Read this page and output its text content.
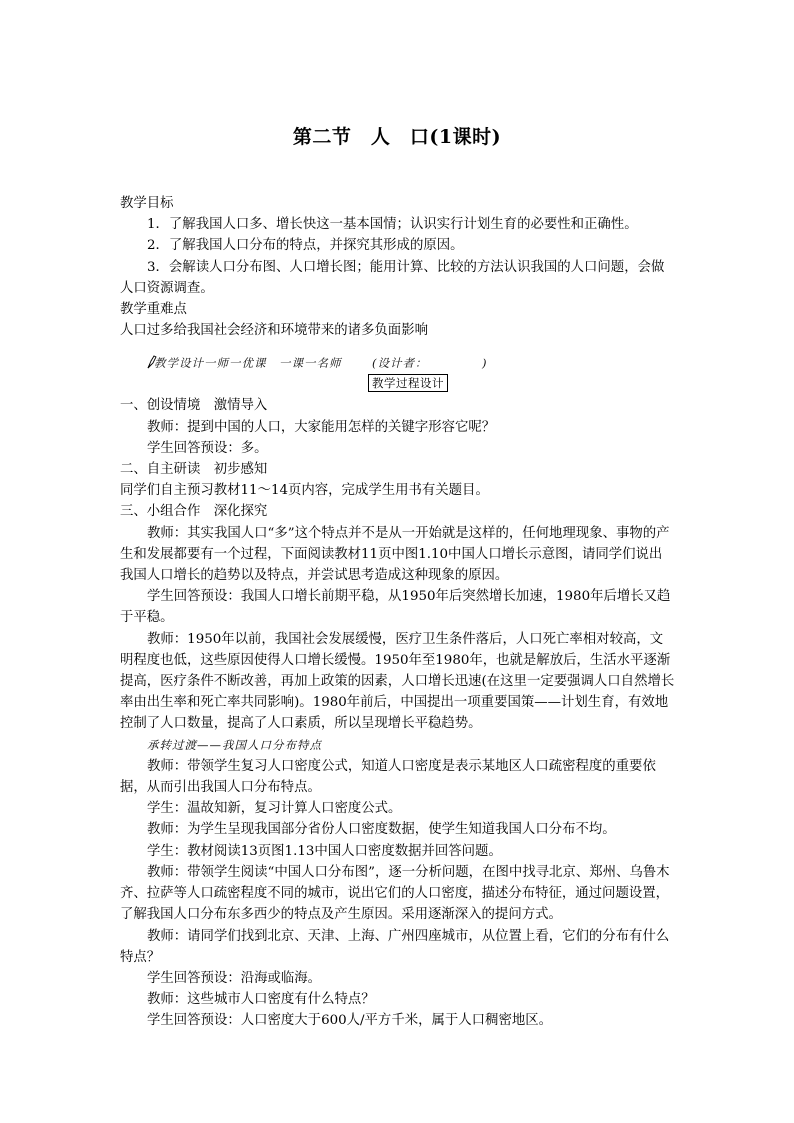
第二节　人　口(1课时)

教学目标

1．了解我国人口多、增长快这一基本国情；认识实行计划生育的必要性和正确性。

2．了解我国人口分布的特点，并探究其形成的原因。

3．会解读人口分布图、人口增长图；能用计算、比较的方法认识我国的人口问题，会做人口资源调查。

教学重难点

人口过多给我国社会经济和环境带来的诸多负面影响

教学设计一师一优课　一课一名师	(设计者：	)
教学过程设计

一、创设情境　激情导入

教师：提到中国的人口，大家能用怎样的关键字形容它呢？

学生回答预设：多。

二、自主研读　初步感知

同学们自主预习教材11～14页内容，完成学生用书有关题目。

三、小组合作　深化探究

教师：其实我国人口“多”这个特点并不是从一开始就是这样的，任何地理现象、事物的产生和发展都要有一个过程，下面阅读教材11页中图1.10中国人口增长示意图，请同学们说出我国人口增长的趋势以及特点，并尝试思考造成这种现象的原因。

学生回答预设：我国人口增长前期平稳，从1950年后突然增长加速，1980年后增长又趋于平稳。

教师：1950年以前，我国社会发展缓慢，医疗卫生条件落后，人口死亡率相对较高，文明程度也低，这些原因使得人口增长缓慢。1950年至1980年，也就是解放后，生活水平逐渐提高，医疗条件不断改善，再加上政策的因素，人口增长迅速(在这里一定要强调人口自然增长率由出生率和死亡率共同影响)。1980年前后，中国提出一项重要国策——计划生育，有效地控制了人口数量，提高了人口素质，所以呈现增长平稳趋势。

承转过渡——我国人口分布特点

教师：带领学生复习人口密度公式，知道人口密度是表示某地区人口疏密程度的重要依据，从而引出我国人口分布特点。

学生：温故知新，复习计算人口密度公式。

教师：为学生呈现我国部分省份人口密度数据，使学生知道我国人口分布不均。

学生：教材阅读13页图1.13中国人口密度数据并回答问题。

教师：带领学生阅读“中国人口分布图”，逐一分析问题，在图中找寻北京、郑州、乌鲁木齐、拉萨等人口疏密程度不同的城市，说出它们的人口密度，描述分布特征，通过问题设置，了解我国人口分布东多西少的特点及产生原因。采用逐渐深入的提问方式。

教师：请同学们找到北京、天津、上海、广州四座城市，从位置上看，它们的分布有什么特点？

学生回答预设：沿海或临海。

教师：这些城市人口密度有什么特点？

学生回答预设：人口密度大于600人/平方千米，属于人口稠密地区。
